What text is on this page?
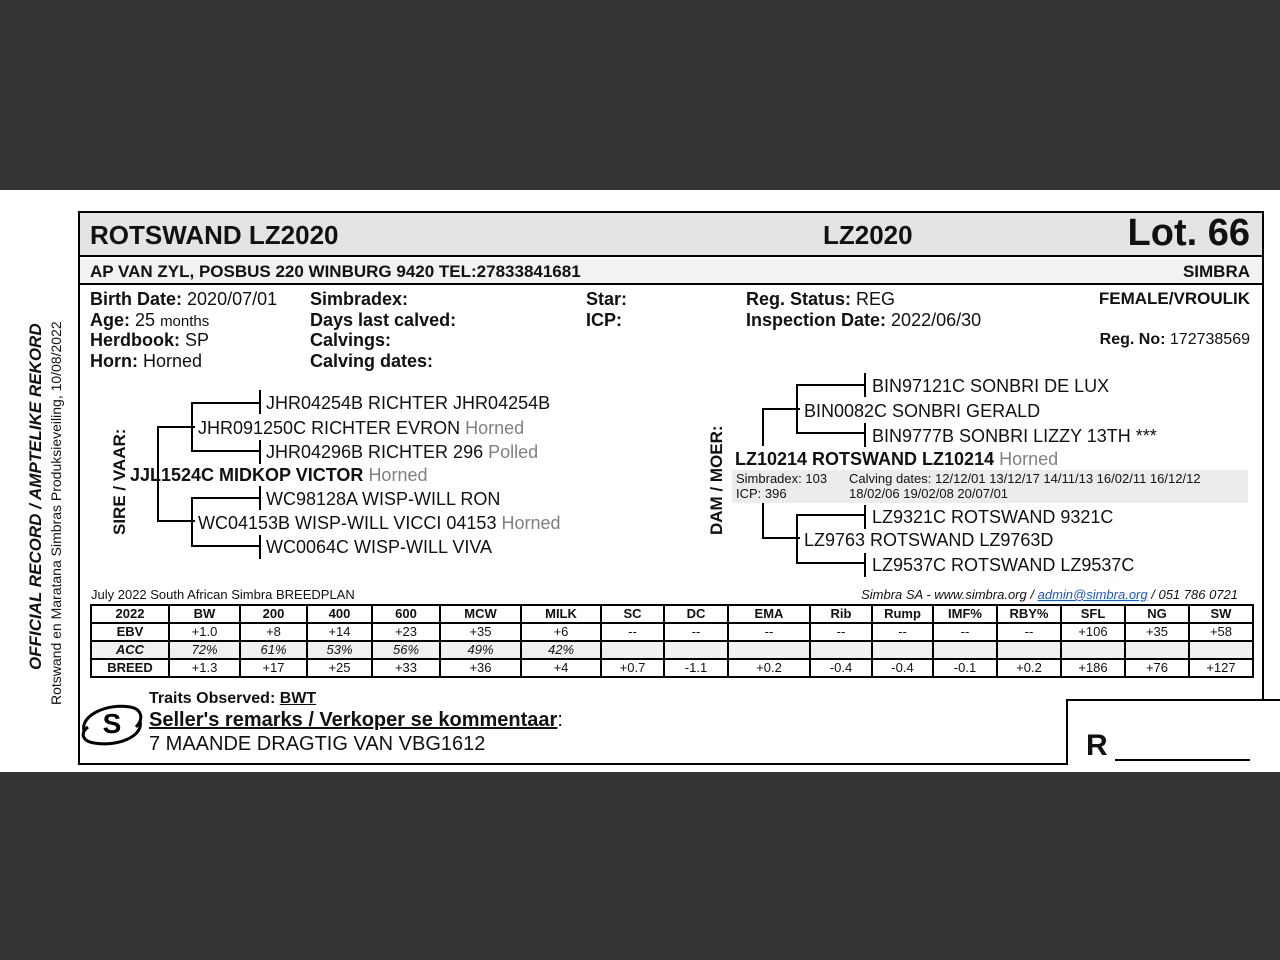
OFFICIAL RECORD / AMPTELIKE REKORD Rotswand en Maratana Simbras Produksieveiling, 10/08/2022
ROTSWAND LZ2020	LZ2020	Lot. 66
AP VAN ZYL, POSBUS 220 WINBURG 9420 TEL:27833841681	SIMBRA
Birth Date: 2020/07/01
Age: 25 months
Herdbook: SP
Horn: Horned
Simbradex:
Days last calved:
Calvings:
Calving dates:
Star:
ICP:
Reg. Status: REG
Inspection Date: 2022/06/30
FEMALE/VROULIK
Reg. No: 172738569
SIRE / VAAR:
JHR04254B RICHTER JHR04254B
JHR091250C RICHTER EVRON Horned
JHR04296B RICHTER 296 Polled
JJL1524C MIDKOP VICTOR Horned
WC98128A WISP-WILL RON
WC04153B WISP-WILL VICCI 04153 Horned
WC0064C WISP-WILL VIVA
DAM / MOER:
BIN97121C SONBRI DE LUX
BIN0082C SONBRI GERALD
BIN9777B SONBRI LIZZY 13TH ***
LZ10214 ROTSWAND LZ10214 Horned
Simbradex: 103
ICP: 396
Calving dates: 12/12/01 13/12/17 14/11/13 16/02/11 16/12/12
18/02/06 19/02/08 20/07/01
LZ9321C ROTSWAND 9321C
LZ9763 ROTSWAND LZ9763D
LZ9537C ROTSWAND LZ9537C
July 2022 South African Simbra BREEDPLAN	Simbra SA - www.simbra.org / admin@simbra.org / 051 786 0721
2022	BW	200	400	600	MCW	MILK	SC	DC	EMA	Rib	Rump	IMF%	RBY%	SFL	NG	SW
EBV	+1.0	+8	+14	+23	+35	+6	--	--	--	--	--	--	--	+106	+35	+58
ACC	72%	61%	53%	56%	49%	42%										
BREED	+1.3	+17	+25	+33	+36	+4	+0.7	-1.1	+0.2	-0.4	-0.4	-0.1	+0.2	+186	+76	+127
S
Traits Observed: BWT
Seller's remarks / Verkoper se kommentaar:
7 MAANDE DRAGTIG VAN VBG1612	R
